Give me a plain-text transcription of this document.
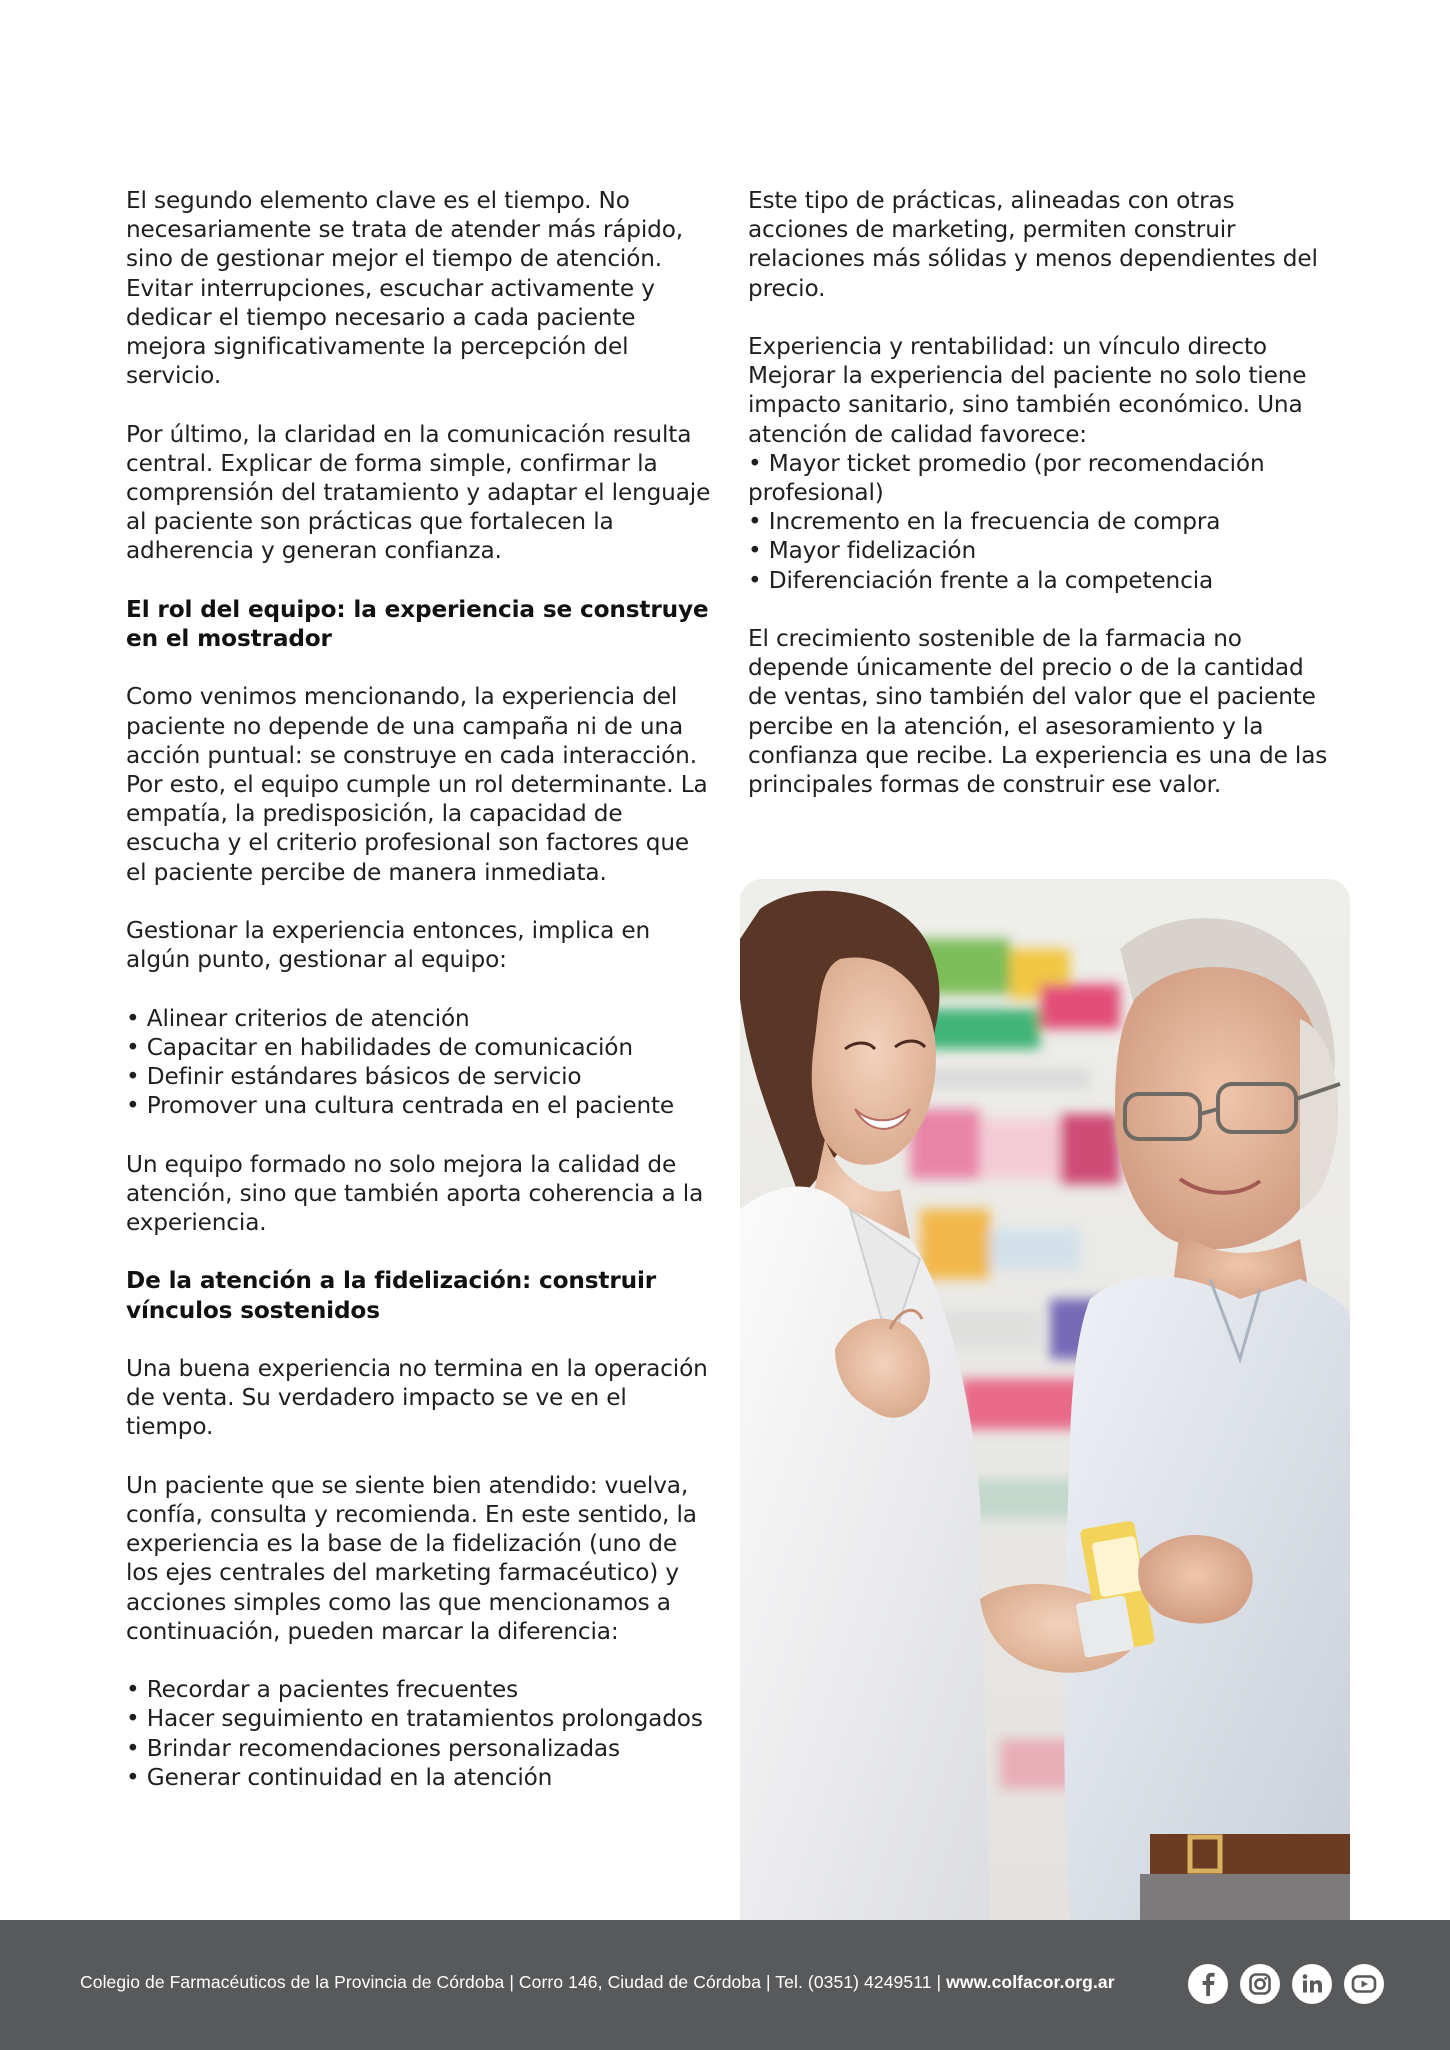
El segundo elemento clave es el tiempo. No necesariamente se trata de atender más rápido, sino de gestionar mejor el tiempo de atención. Evitar interrupciones, escuchar activamente y dedicar el tiempo necesario a cada paciente mejora significativamente la percepción del servicio.

Por último, la claridad en la comunicación resulta central. Explicar de forma simple, confirmar la comprensión del tratamiento y adaptar el lenguaje al paciente son prácticas que fortalecen la adherencia y generan confianza.

El rol del equipo: la experiencia se construye en el mostrador

Como venimos mencionando, la experiencia del paciente no depende de una campaña ni de una acción puntual: se construye en cada interacción. Por esto, el equipo cumple un rol determinante. La empatía, la predisposición, la capacidad de escucha y el criterio profesional son factores que el paciente percibe de manera inmediata.

Gestionar la experiencia entonces, implica en algún punto, gestionar al equipo:

• Alinear criterios de atención
• Capacitar en habilidades de comunicación
• Definir estándares básicos de servicio
• Promover una cultura centrada en el paciente

Un equipo formado no solo mejora la calidad de atención, sino que también aporta coherencia a la experiencia.

De la atención a la fidelización: construir vínculos sostenidos

Una buena experiencia no termina en la operación de venta. Su verdadero impacto se ve en el tiempo.

Un paciente que se siente bien atendido: vuelva, confía, consulta y recomienda. En este sentido, la experiencia es la base de la fidelización (uno de los ejes centrales del marketing farmacéutico) y acciones simples como las que mencionamos a continuación, pueden marcar la diferencia:

• Recordar a pacientes frecuentes
• Hacer seguimiento en tratamientos prolongados
• Brindar recomendaciones personalizadas
• Generar continuidad en la atención

Este tipo de prácticas, alineadas con otras acciones de marketing, permiten construir relaciones más sólidas y menos dependientes del precio.

Experiencia y rentabilidad: un vínculo directo
Mejorar la experiencia del paciente no solo tiene impacto sanitario, sino también económico. Una atención de calidad favorece:
• Mayor ticket promedio (por recomendación profesional)
• Incremento en la frecuencia de compra
• Mayor fidelización
• Diferenciación frente a la competencia

El crecimiento sostenible de la farmacia no depende únicamente del precio o de la cantidad de ventas, sino también del valor que el paciente percibe en la atención, el asesoramiento y la confianza que recibe. La experiencia es una de las principales formas de construir ese valor.

Colegio de Farmacéuticos de la Provincia de Córdoba | Corro 146, Ciudad de Córdoba | Tel. (0351) 4249511 | www.colfacor.org.ar
